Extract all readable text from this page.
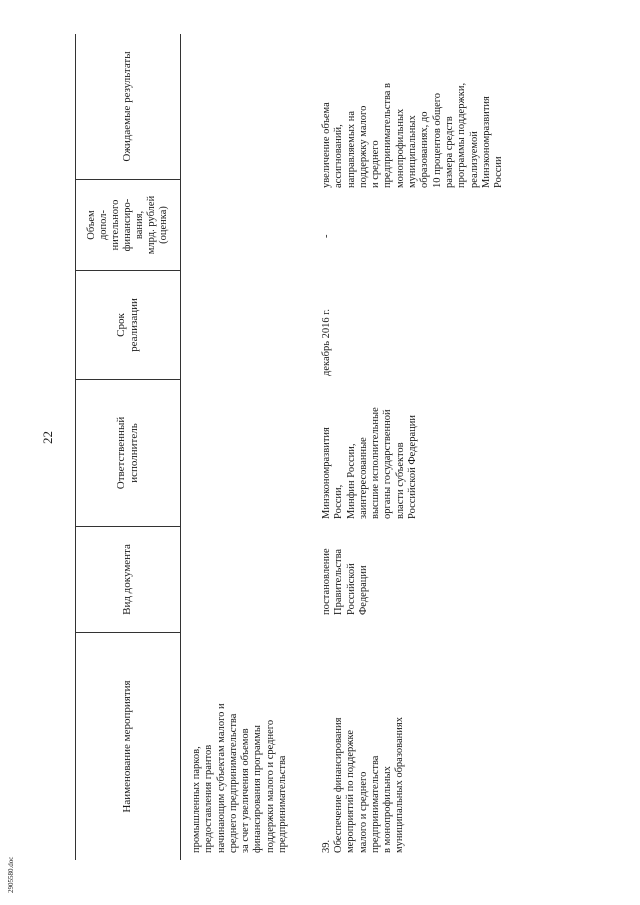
22
2905580.doc
Наименование мероприятия
Вид документа
Ответственный
исполнитель
Срок
реализации
Объем
допол-
нительного
финансиро-
вания,
млрд. рублей
(оценка)
Ожидаемые результаты
промышленных парков,
предоставления грантов
начинающим субъектам малого и
среднего предпринимательства
за счет увеличения объемов
финансирования программы
поддержки малого и среднего
предпринимательства	39. Обеспечение финансирования
мероприятий по поддержке
малого и среднего
предпринимательства
в монопрофильных
муниципальных образованиях
постановление
Правительства
Российской
Федерации
Минэкономразвития
России,
Минфин России,
заинтересованные
высшие исполнительные
органы государственной
власти субъектов
Российской Федерации
декабрь 2016 г.
-
увеличение объема
ассигнований,
направляемых на
поддержку малого
и среднего
предпринимательства в
монопрофильных
муниципальных
образованиях, до
10 процентов общего
размера средств
программы поддержки,
реализуемой
Минэкономразвития
России
